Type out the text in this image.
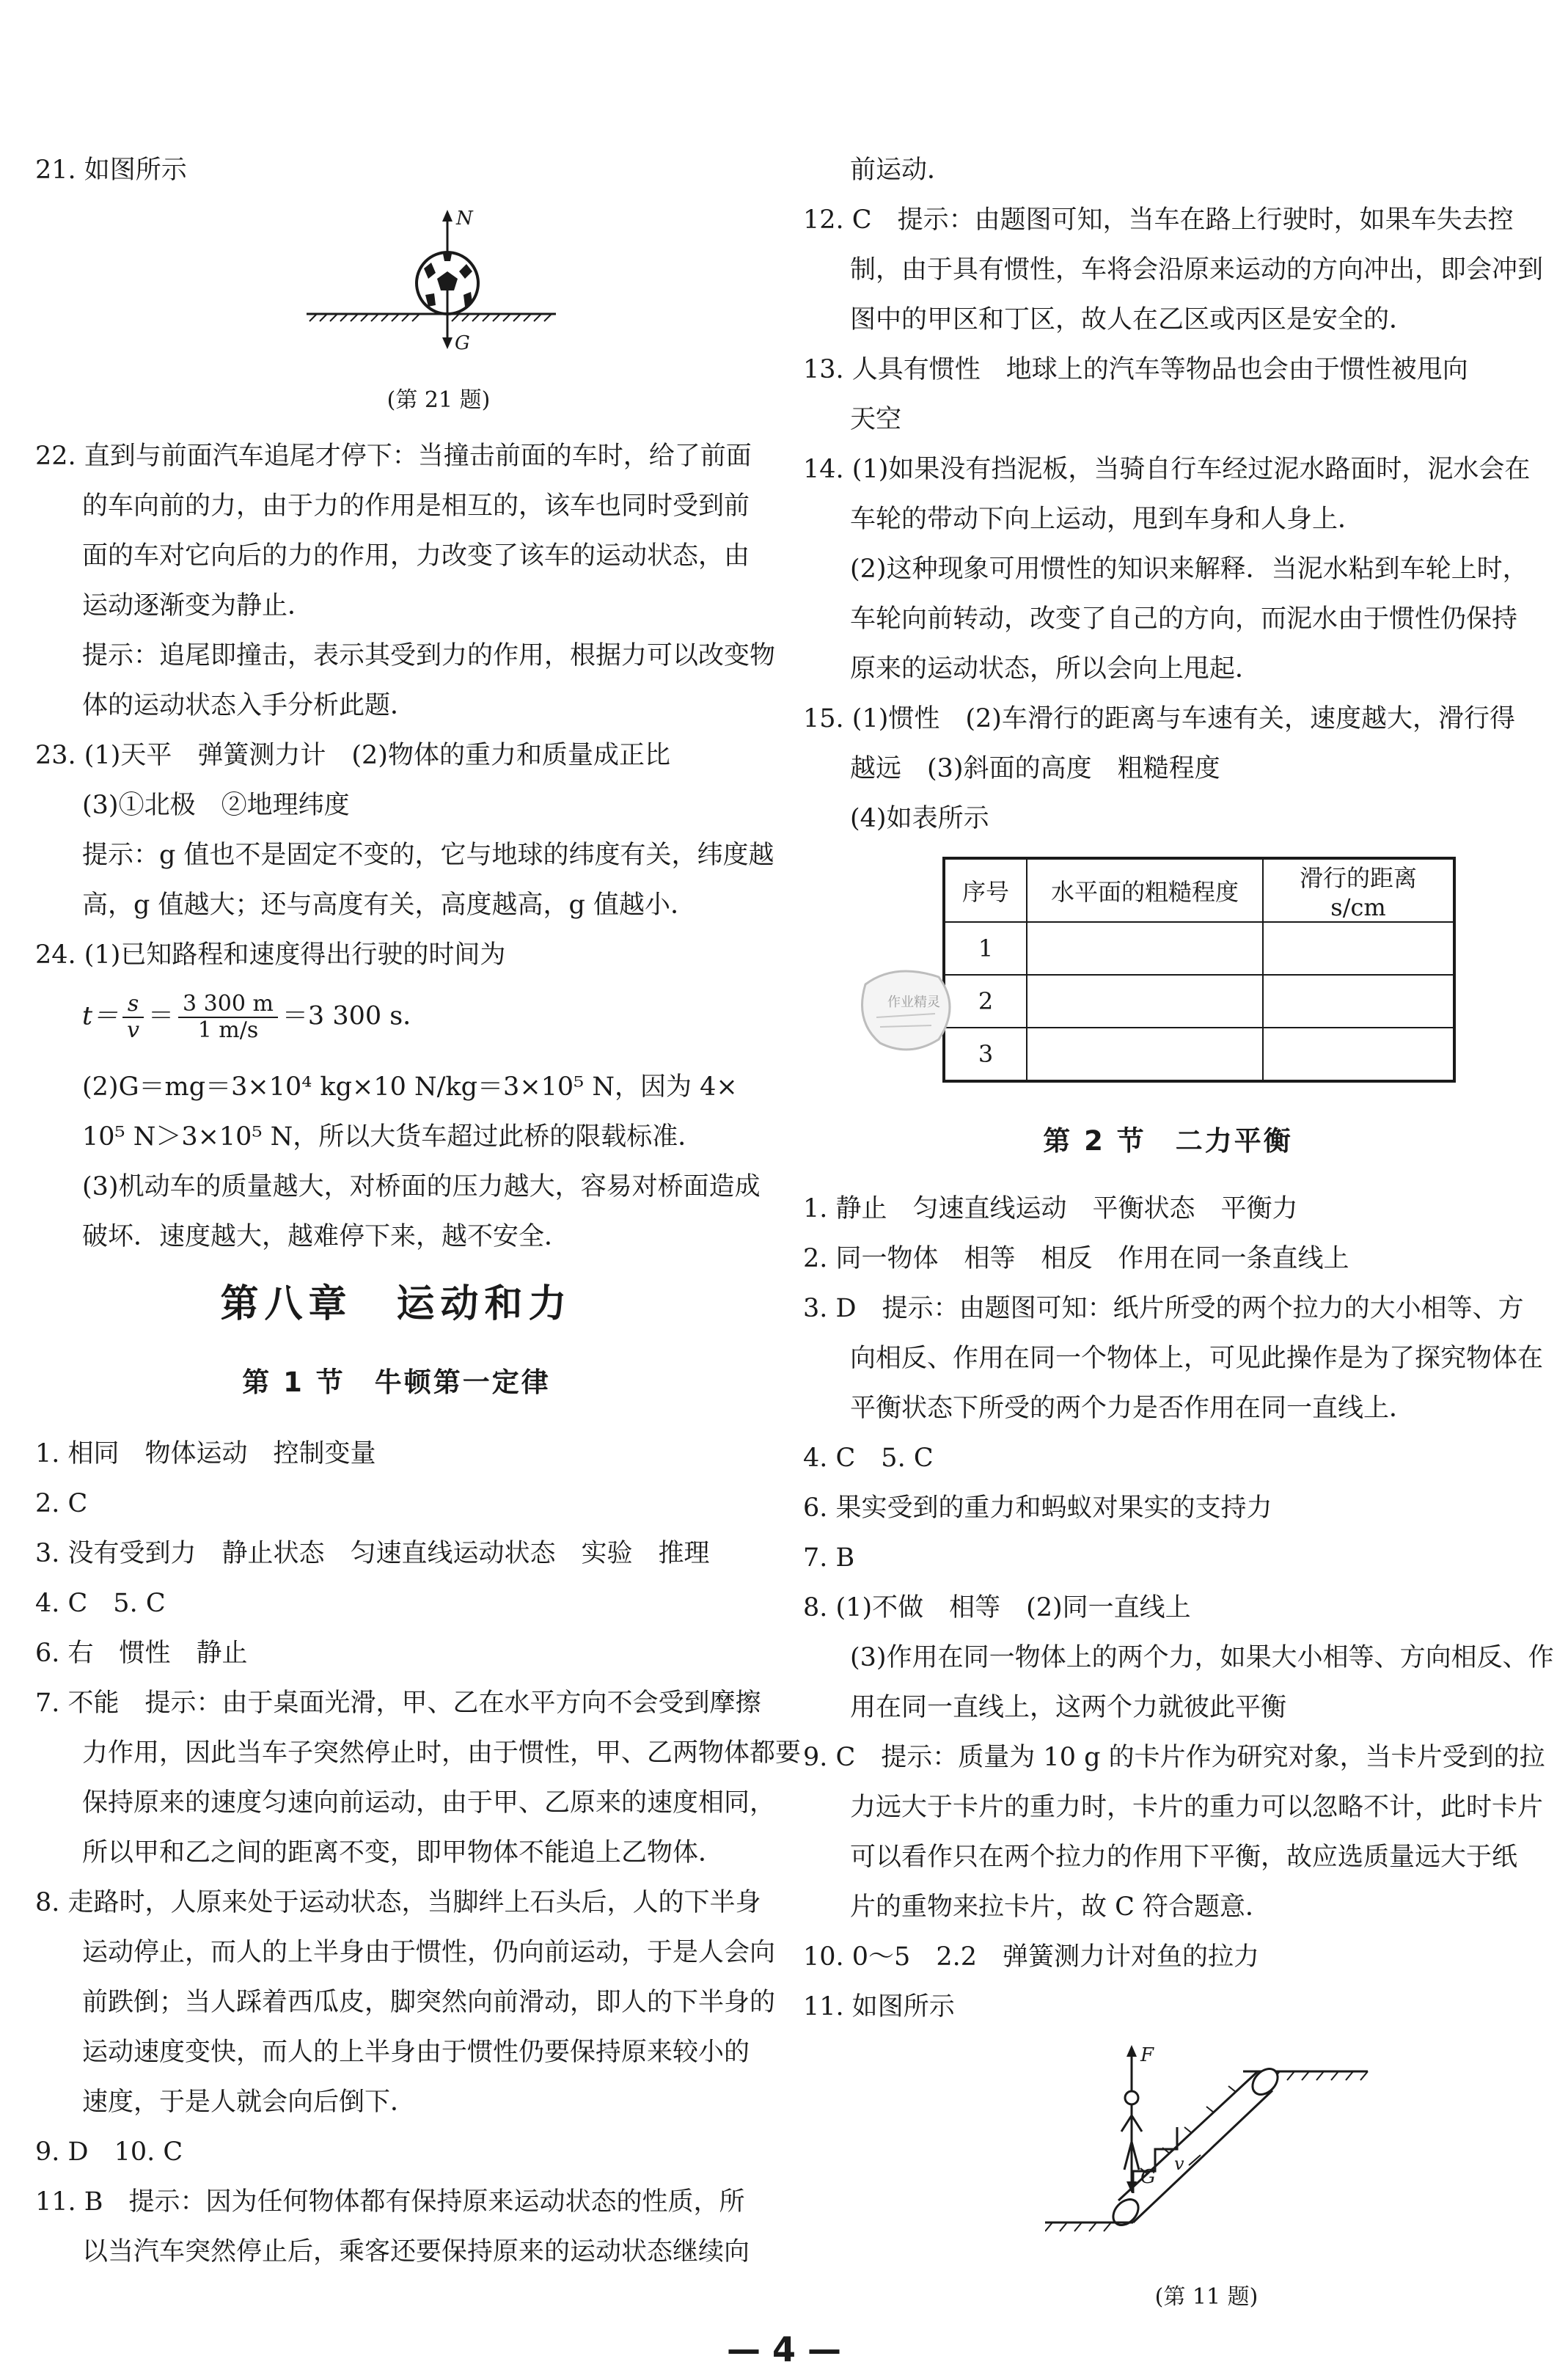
21. 如图所示
N
G
(第 21 题)
22. 直到与前面汽车追尾才停下：当撞击前面的车时，给了前面
的车向前的力，由于力的作用是相互的，该车也同时受到前
面的车对它向后的力的作用，力改变了该车的运动状态，由
运动逐渐变为静止．
提示：追尾即撞击，表示其受到力的作用，根据力可以改变物
体的运动状态入手分析此题．
23. (1)天平　弹簧测力计　(2)物体的重力和质量成正比
(3)①北极　②地理纬度
提示：g 值也不是固定不变的，它与地球的纬度有关，纬度越
高，g 值越大；还与高度有关，高度越高，g 值越小．
24. (1)已知路程和速度得出行驶的时间为
$t= \frac{s}{v} = \frac{3 300 m}{1 m/s} =3$ 300 s．
(2)G＝mg＝3×10⁴ kg×10 N/kg＝3×10⁵ N，因为 4×
10⁵ N＞3×10⁵ N，所以大货车超过此桥的限载标准．
(3)机动车的质量越大，对桥面的压力越大，容易对桥面造成
破坏．速度越大，越难停下来，越不安全．
第八章　运动和力
第 1 节　牛顿第一定律
1. 相同　物体运动　控制变量
2. C
3. 没有受到力　静止状态　匀速直线运动状态　实验　推理
4. C　5. C
6. 右　惯性　静止
7. 不能　提示：由于桌面光滑，甲、乙在水平方向不会受到摩擦
力作用，因此当车子突然停止时，由于惯性，甲、乙两物体都要
保持原来的速度匀速向前运动，由于甲、乙原来的速度相同，
所以甲和乙之间的距离不变，即甲物体不能追上乙物体．
8. 走路时，人原来处于运动状态，当脚绊上石头后，人的下半身
运动停止，而人的上半身由于惯性，仍向前运动，于是人会向
前跌倒；当人踩着西瓜皮，脚突然向前滑动，即人的下半身的
运动速度变快，而人的上半身由于惯性仍要保持原来较小的
速度，于是人就会向后倒下．
9. D　10. C
11. B　提示：因为任何物体都有保持原来运动状态的性质，所
以当汽车突然停止后，乘客还要保持原来的运动状态继续向
前运动．
12. C　提示：由题图可知，当车在路上行驶时，如果车失去控
制，由于具有惯性，车将会沿原来运动的方向冲出，即会冲到
图中的甲区和丁区，故人在乙区或丙区是安全的．
13. 人具有惯性　地球上的汽车等物品也会由于惯性被甩向
天空
14. (1)如果没有挡泥板，当骑自行车经过泥水路面时，泥水会在
车轮的带动下向上运动，甩到车身和人身上．
(2)这种现象可用惯性的知识来解释．当泥水粘到车轮上时，
车轮向前转动，改变了自己的方向，而泥水由于惯性仍保持
原来的运动状态，所以会向上甩起．
15. (1)惯性　(2)车滑行的距离与车速有关，速度越大，滑行得
越远　(3)斜面的高度　粗糙程度
(4)如表所示
序号	水平面的粗糙程度	滑行的距离 s/cm
1		
2		
3		
第 2 节　二力平衡
1. 静止　匀速直线运动　平衡状态　平衡力
2. 同一物体　相等　相反　作用在同一条直线上
3. D　提示：由题图可知：纸片所受的两个拉力的大小相等、方
向相反、作用在同一个物体上，可见此操作是为了探究物体在
平衡状态下所受的两个力是否作用在同一直线上．
4. C　5. C
6. 果实受到的重力和蚂蚁对果实的支持力
7. B
8. (1)不做　相等　(2)同一直线上
(3)作用在同一物体上的两个力，如果大小相等、方向相反、作
用在同一直线上，这两个力就彼此平衡
9. C　提示：质量为 10 g 的卡片作为研究对象，当卡片受到的拉
力远大于卡片的重力时，卡片的重力可以忽略不计，此时卡片
可以看作只在两个拉力的作用下平衡，故应选质量远大于纸
片的重物来拉卡片，故 C 符合题意．
10. 0～5　2.2　弹簧测力计对鱼的拉力
11. 如图所示
F
G
v
(第 11 题)
作业精灵
— 4 —
